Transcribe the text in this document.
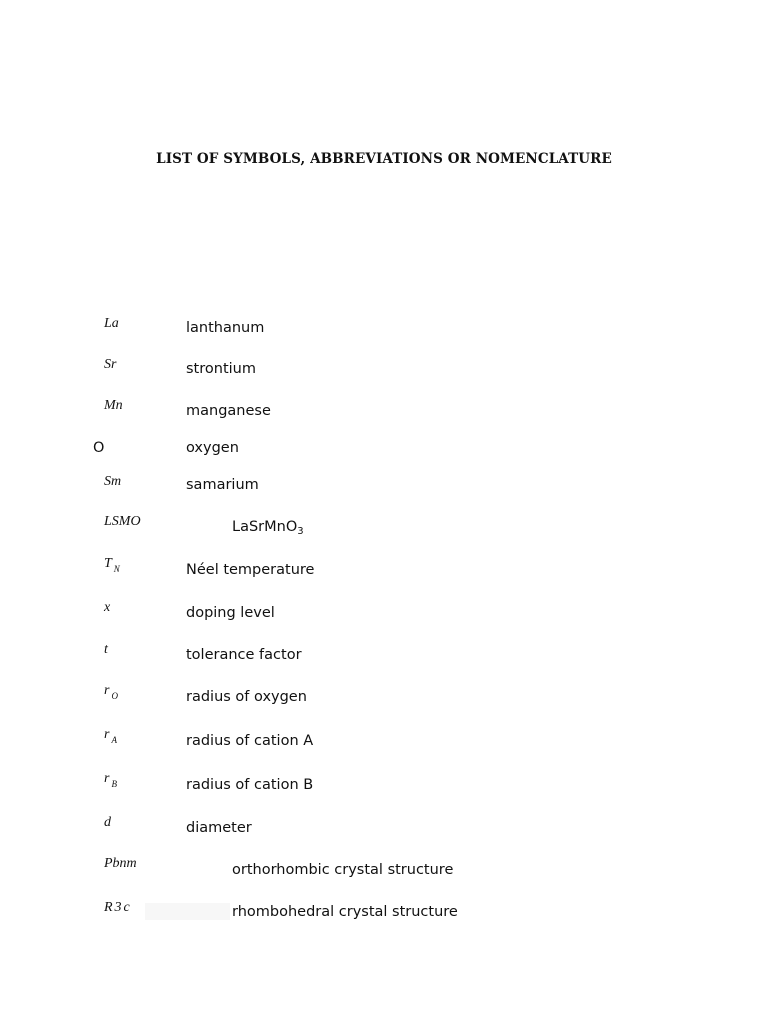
LIST OF SYMBOLS, ABBREVIATIONS OR NOMENCLATURE
La	lanthanum
Sr	strontium
Mn	manganese
O	oxygen
Sm	samarium
LSMO	LaSrMnO$_3$
T $_N$	Néel temperature
x	doping level
t	tolerance factor
r $_O$	radius of oxygen
r $_A$	radius of cation A
r $_B$	radius of cation B
d	diameter
Pbnm	orthorhombic crystal structure
R3c	rhombohedral crystal structure
